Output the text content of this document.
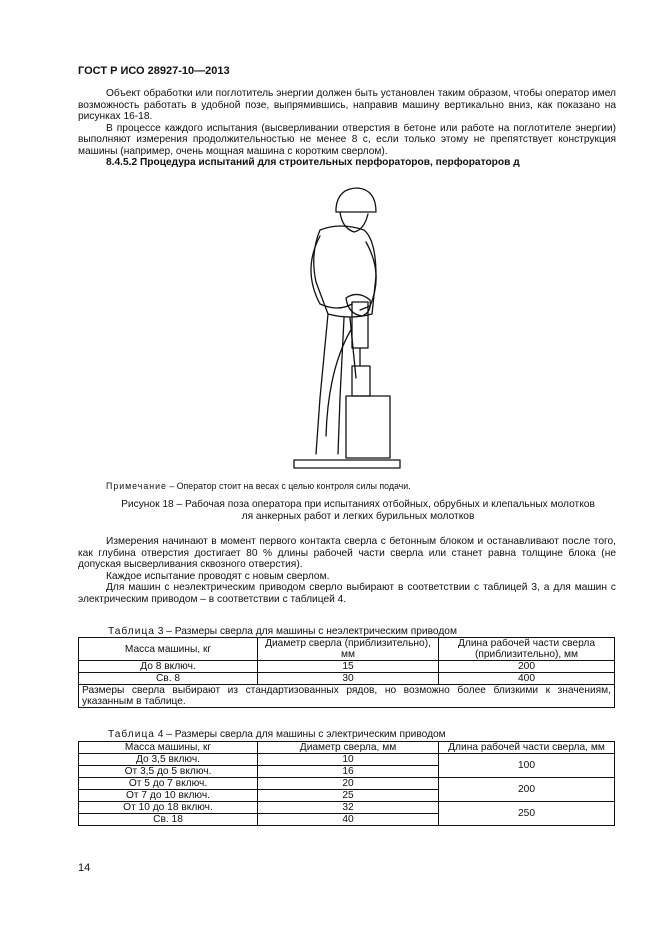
ГОСТ Р ИСО 28927-10—2013

Объект обработки или поглотитель энергии должен быть установлен таким образом, чтобы оператор имел возможность работать в удобной позе, выпрямившись, направив машину вертикально вниз, как показано на рисунках 16-18.

В процессе каждого испытания (высверливании отверстия в бетоне или работе на поглотителе энергии) выполняют измерения продолжительностью не менее 8 с, если только этому не препятствует конструкция машины (например, очень мощная машина с коротким сверлом).

8.4.5.2 Процедура испытаний для строительных перфораторов, перфораторов д

Примечание – Оператор стоит на весах с целью контроля силы подачи.
Рисунок 18 – Рабочая поза оператора при испытаниях отбойных, обрубных и клепальных молотков
ля анкерных работ и легких бурильных молотков

Измерения начинают в момент первого контакта сверла с бетонным блоком и останавливают после того, как глубина отверстия достигает 80 % длины рабочей части сверла или станет равна толщине блока (не допуская высверливания сквозного отверстия).

Каждое испытание проводят с новым сверлом.

Для машин с неэлектрическим приводом сверло выбирают в соответствии с таблицей 3, а для машин с электрическим приводом – в соответствии с таблицей 4.

Таблица 3 – Размеры сверла для машины с неэлектрическим приводом
Масса машины, кг	Диаметр сверла (приблизительно), мм	Длина рабочей части сверла (приблизительно), мм
До 8 включ.	15	200
Св. 8	30	400
Размеры сверла выбирают из стандартизованных рядов, но возможно более близкими к значениям, указанным в таблице.		
Таблица 4 – Размеры сверла для машины с электрическим приводом
Масса машины, кг	Диаметр сверла, мм	Длина рабочей части сверла, мм
До 3,5 включ.	10	100
От 3,5 до 5 включ.	16	
От 5 до 7 включ.	20	200
От 7 до 10 включ.	25	
От 10 до 18 включ.	32	250
Св. 18	40	
14
